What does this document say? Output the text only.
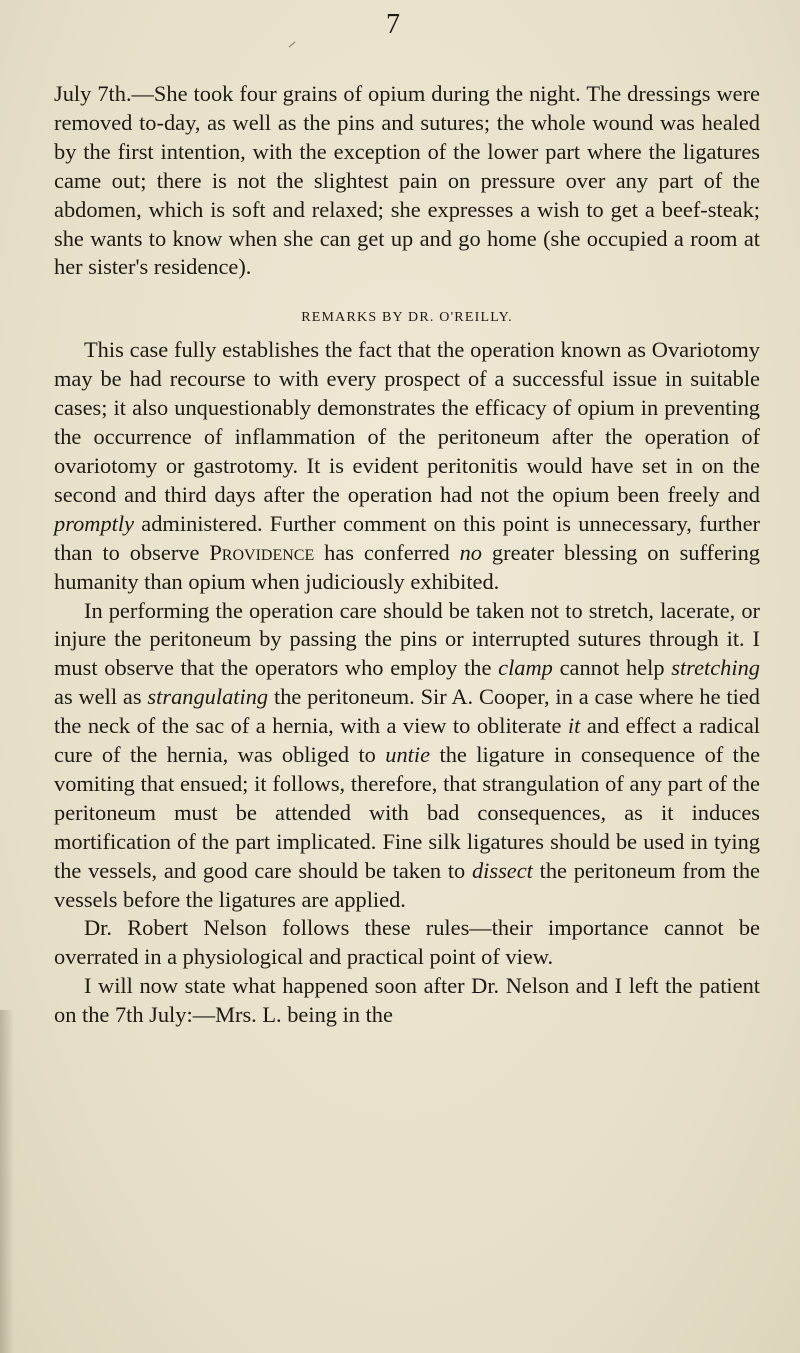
7

July 7th.—She took four grains of opium during the night. The dressings were removed to-day, as well as the pins and sutures; the whole wound was healed by the first intention, with the exception of the lower part where the ligatures came out; there is not the slightest pain on pressure over any part of the abdomen, which is soft and relaxed; she expresses a wish to get a beef-steak; she wants to know when she can get up and go home (she occupied a room at her sister's residence).

REMARKS BY DR. O'REILLY.

This case fully establishes the fact that the operation known as Ovariotomy may be had recourse to with every prospect of a successful issue in suitable cases; it also unquestionably demonstrates the efficacy of opium in preventing the occurrence of inflammation of the peritoneum after the operation of ovariotomy or gastrotomy. It is evident peritonitis would have set in on the second and third days after the operation had not the opium been freely and promptly administered. Further comment on this point is unnecessary, further than to observe Providence has conferred no greater blessing on suffering humanity than opium when judiciously exhibited.

In performing the operation care should be taken not to stretch, lacerate, or injure the peritoneum by passing the pins or interrupted sutures through it. I must observe that the operators who employ the clamp cannot help stretching as well as strangulating the peritoneum. Sir A. Cooper, in a case where he tied the neck of the sac of a hernia, with a view to obliterate it and effect a radical cure of the hernia, was obliged to untie the ligature in consequence of the vomiting that ensued; it follows, therefore, that strangulation of any part of the peritoneum must be attended with bad consequences, as it induces mortification of the part implicated. Fine silk ligatures should be used in tying the vessels, and good care should be taken to dissect the peritoneum from the vessels before the ligatures are applied.

Dr. Robert Nelson follows these rules—their importance cannot be overrated in a physiological and practical point of view.

I will now state what happened soon after Dr. Nelson and I left the patient on the 7th July:—Mrs. L. being in the
